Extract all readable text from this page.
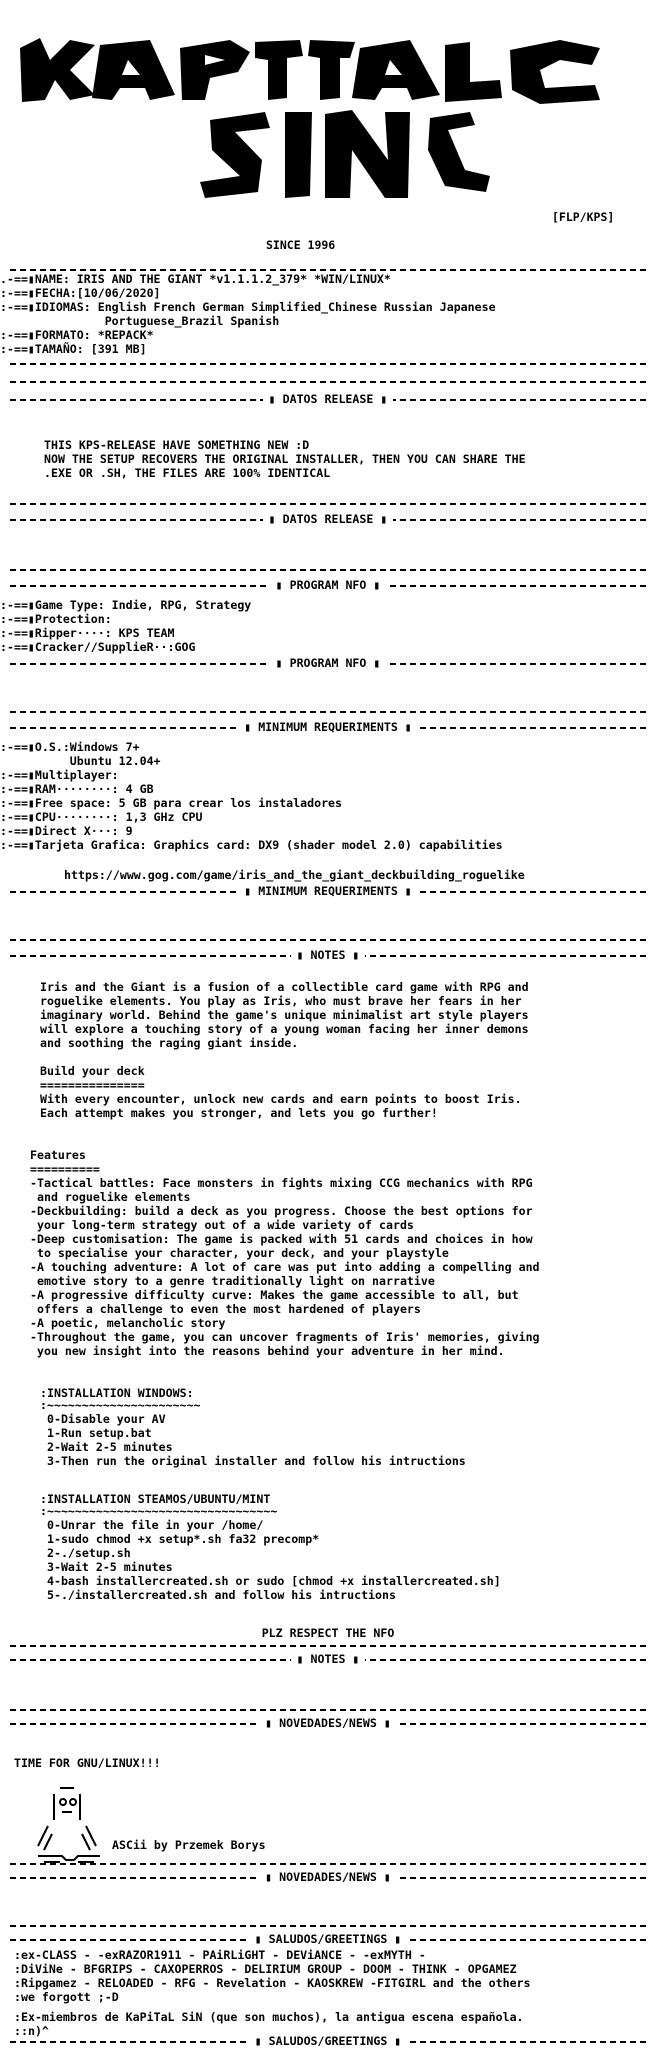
[FLP/KPS]
SINCE 1996
.-==▮NAME: IRIS AND THE GIANT *v1.1.1.2_379* *WIN/LINUX*
:-==▮FECHA:[10/06/2020]
:-==▮IDIOMAS: English French German Simplified_Chinese Russian Japanese
Portuguese_Brazil Spanish
:-==▮FORMATO: *REPACK*
:-==▮TAMAÑO: [391 MB]
▮ DATOS RELEASE ▮
THIS KPS-RELEASE HAVE SOMETHING NEW :D
NOW THE SETUP RECOVERS THE ORIGINAL INSTALLER, THEN YOU CAN SHARE THE
.EXE OR .SH, THE FILES ARE 100% IDENTICAL
▮ DATOS RELEASE ▮
▮ PROGRAM NFO ▮
:-==▮Game Type: Indie, RPG, Strategy
:-==▮Protection:
:-==▮Ripper····: KPS TEAM
:-==▮Cracker//SupplieR··:GOG
▮ PROGRAM NFO ▮
▮ MINIMUM REQUERIMENTS ▮
:-==▮O.S.:Windows 7+
Ubuntu 12.04+
:-==▮Multiplayer:
:-==▮RAM········: 4 GB
:-==▮Free space: 5 GB para crear los instaladores
:-==▮CPU········: 1,3 GHz CPU
:-==▮Direct X···: 9
:-==▮Tarjeta Grafica: Graphics card: DX9 (shader model 2.0) capabilities
https://www.gog.com/game/iris_and_the_giant_deckbuilding_roguelike
▮ MINIMUM REQUERIMENTS ▮
▮ NOTES ▮
Iris and the Giant is a fusion of a collectible card game with RPG and
roguelike elements. You play as Iris, who must brave her fears in her
imaginary world. Behind the game's unique minimalist art style players
will explore a touching story of a young woman facing her inner demons
and soothing the raging giant inside.
Build your deck
===============
With every encounter, unlock new cards and earn points to boost Iris.
Each attempt makes you stronger, and lets you go further!
Features
==========
-Tactical battles: Face monsters in fights mixing CCG mechanics with RPG
and roguelike elements
-Deckbuilding: build a deck as you progress. Choose the best options for
your long-term strategy out of a wide variety of cards
-Deep customisation: The game is packed with 51 cards and choices in how
to specialise your character, your deck, and your playstyle
-A touching adventure: A lot of care was put into adding a compelling and
emotive story to a genre traditionally light on narrative
-A progressive difficulty curve: Makes the game accessible to all, but
offers a challenge to even the most hardened of players
-A poetic, melancholic story
-Throughout the game, you can uncover fragments of Iris' memories, giving
you new insight into the reasons behind your adventure in her mind.
:INSTALLATION WINDOWS:
:~~~~~~~~~~~~~~~~~~~~~~
0-Disable your AV
1-Run setup.bat
2-Wait 2-5 minutes
3-Then run the original installer and follow his intructions
:INSTALLATION STEAMOS/UBUNTU/MINT
:~~~~~~~~~~~~~~~~~~~~~~~~~~~~~~~~~
0-Unrar the file in your /home/
1-sudo chmod +x setup*.sh fa32 precomp*
2-./setup.sh
3-Wait 2-5 minutes
4-bash installercreated.sh or sudo [chmod +x installercreated.sh]
5-./installercreated.sh and follow his intructions
PLZ RESPECT THE NFO
▮ NOTES ▮
▮ NOVEDADES/NEWS ▮
TIME FOR GNU/LINUX!!!
ASCii by Przemek Borys
▮ NOVEDADES/NEWS ▮
▮ SALUDOS/GREETINGS ▮
:ex-CLASS - -exRAZOR1911 - PAiRLiGHT - DEViANCE - -exMYTH -
:DiViNe - BFGRIPS - CAXOPERROS - DELIRIUM GROUP - DOOM - THINK - OPGAMEZ
:Ripgamez - RELOADED - RFG - Revelation - KAOSKREW -FITGIRL and the others
:we forgott ;-D
:Ex-miembros de KaPiTaL SiN (que son muchos), la antigua escena española.
::n)^
▮ SALUDOS/GREETINGS ▮
